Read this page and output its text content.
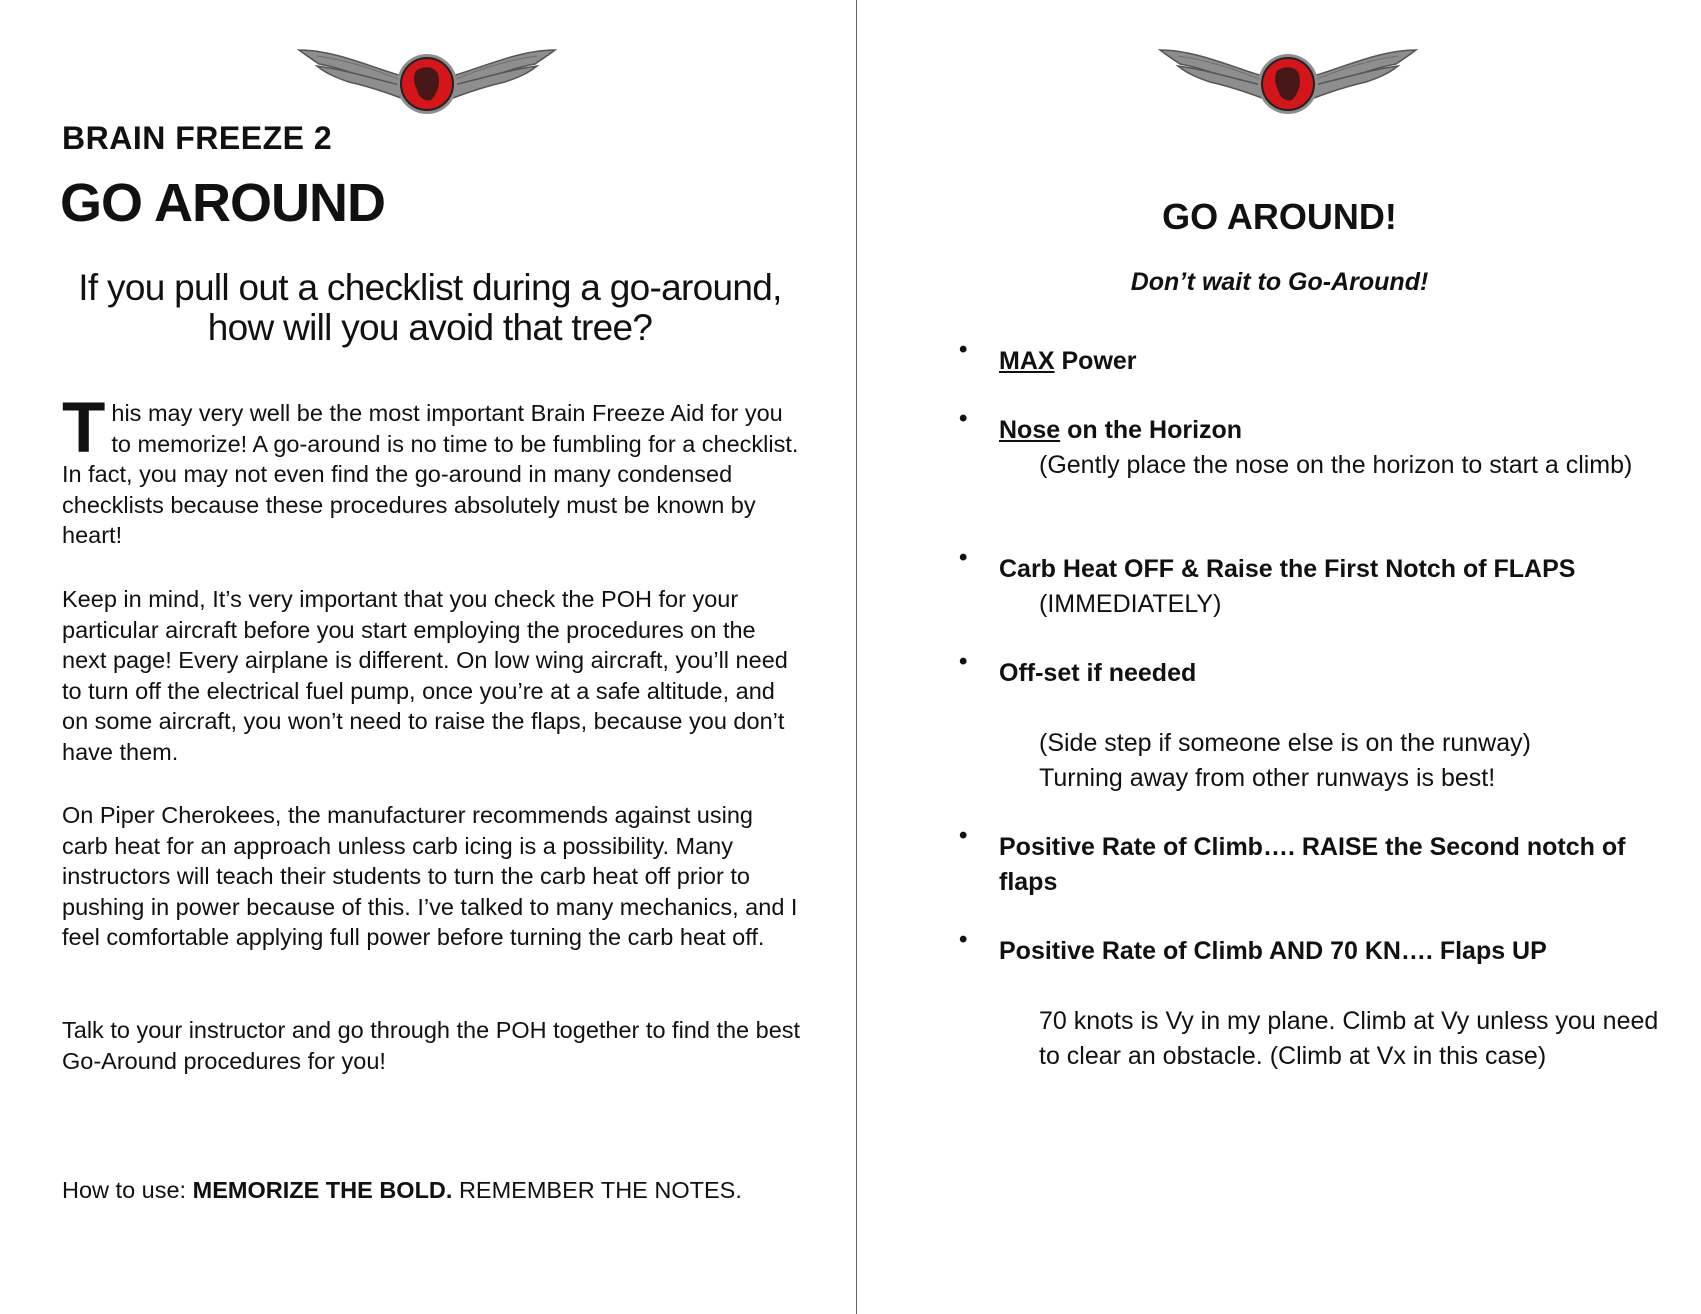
BRAIN FREEZE 2
GO AROUND

If you pull out a checklist during a go-around,
how will you avoid that tree?

This may very well be the most important Brain Freeze Aid for you to memorize! A go-around is no time to be fumbling for a checklist. In fact, you may not even find the go-around in many condensed checklists because these procedures absolutely must be known by heart!

Keep in mind, It’s very important that you check the POH for your particular aircraft before you start employing the procedures on the next page! Every airplane is different. On low wing aircraft, you’ll need to turn off the electrical fuel pump, once you’re at a safe altitude, and on some aircraft, you won’t need to raise the flaps, because you don’t have them.

On Piper Cherokees, the manufacturer recommends against using carb heat for an approach unless carb icing is a possibility. Many instructors will teach their students to turn the carb heat off prior to pushing in power because of this. I’ve talked to many mechanics, and I feel comfortable applying full power before turning the carb heat off.

Talk to your instructor and go through the POH together to find the best Go-Around procedures for you!

How to use: MEMORIZE THE BOLD. REMEMBER THE NOTES.

GO AROUND!

Don’t wait to Go-Around!

• MAX Power

• Nose on the Horizon

(Gently place the nose on the horizon to start a climb)

• Carb Heat OFF & Raise the First Notch of FLAPS

(IMMEDIATELY)

• Off-set if needed

(Side step if someone else is on the runway)

Turning away from other runways is best!

• Positive Rate of Climb…. RAISE the Second notch of flaps

• Positive Rate of Climb AND 70 KN…. Flaps UP

70 knots is Vy in my plane. Climb at Vy unless you need to clear an obstacle. (Climb at Vx in this case)
